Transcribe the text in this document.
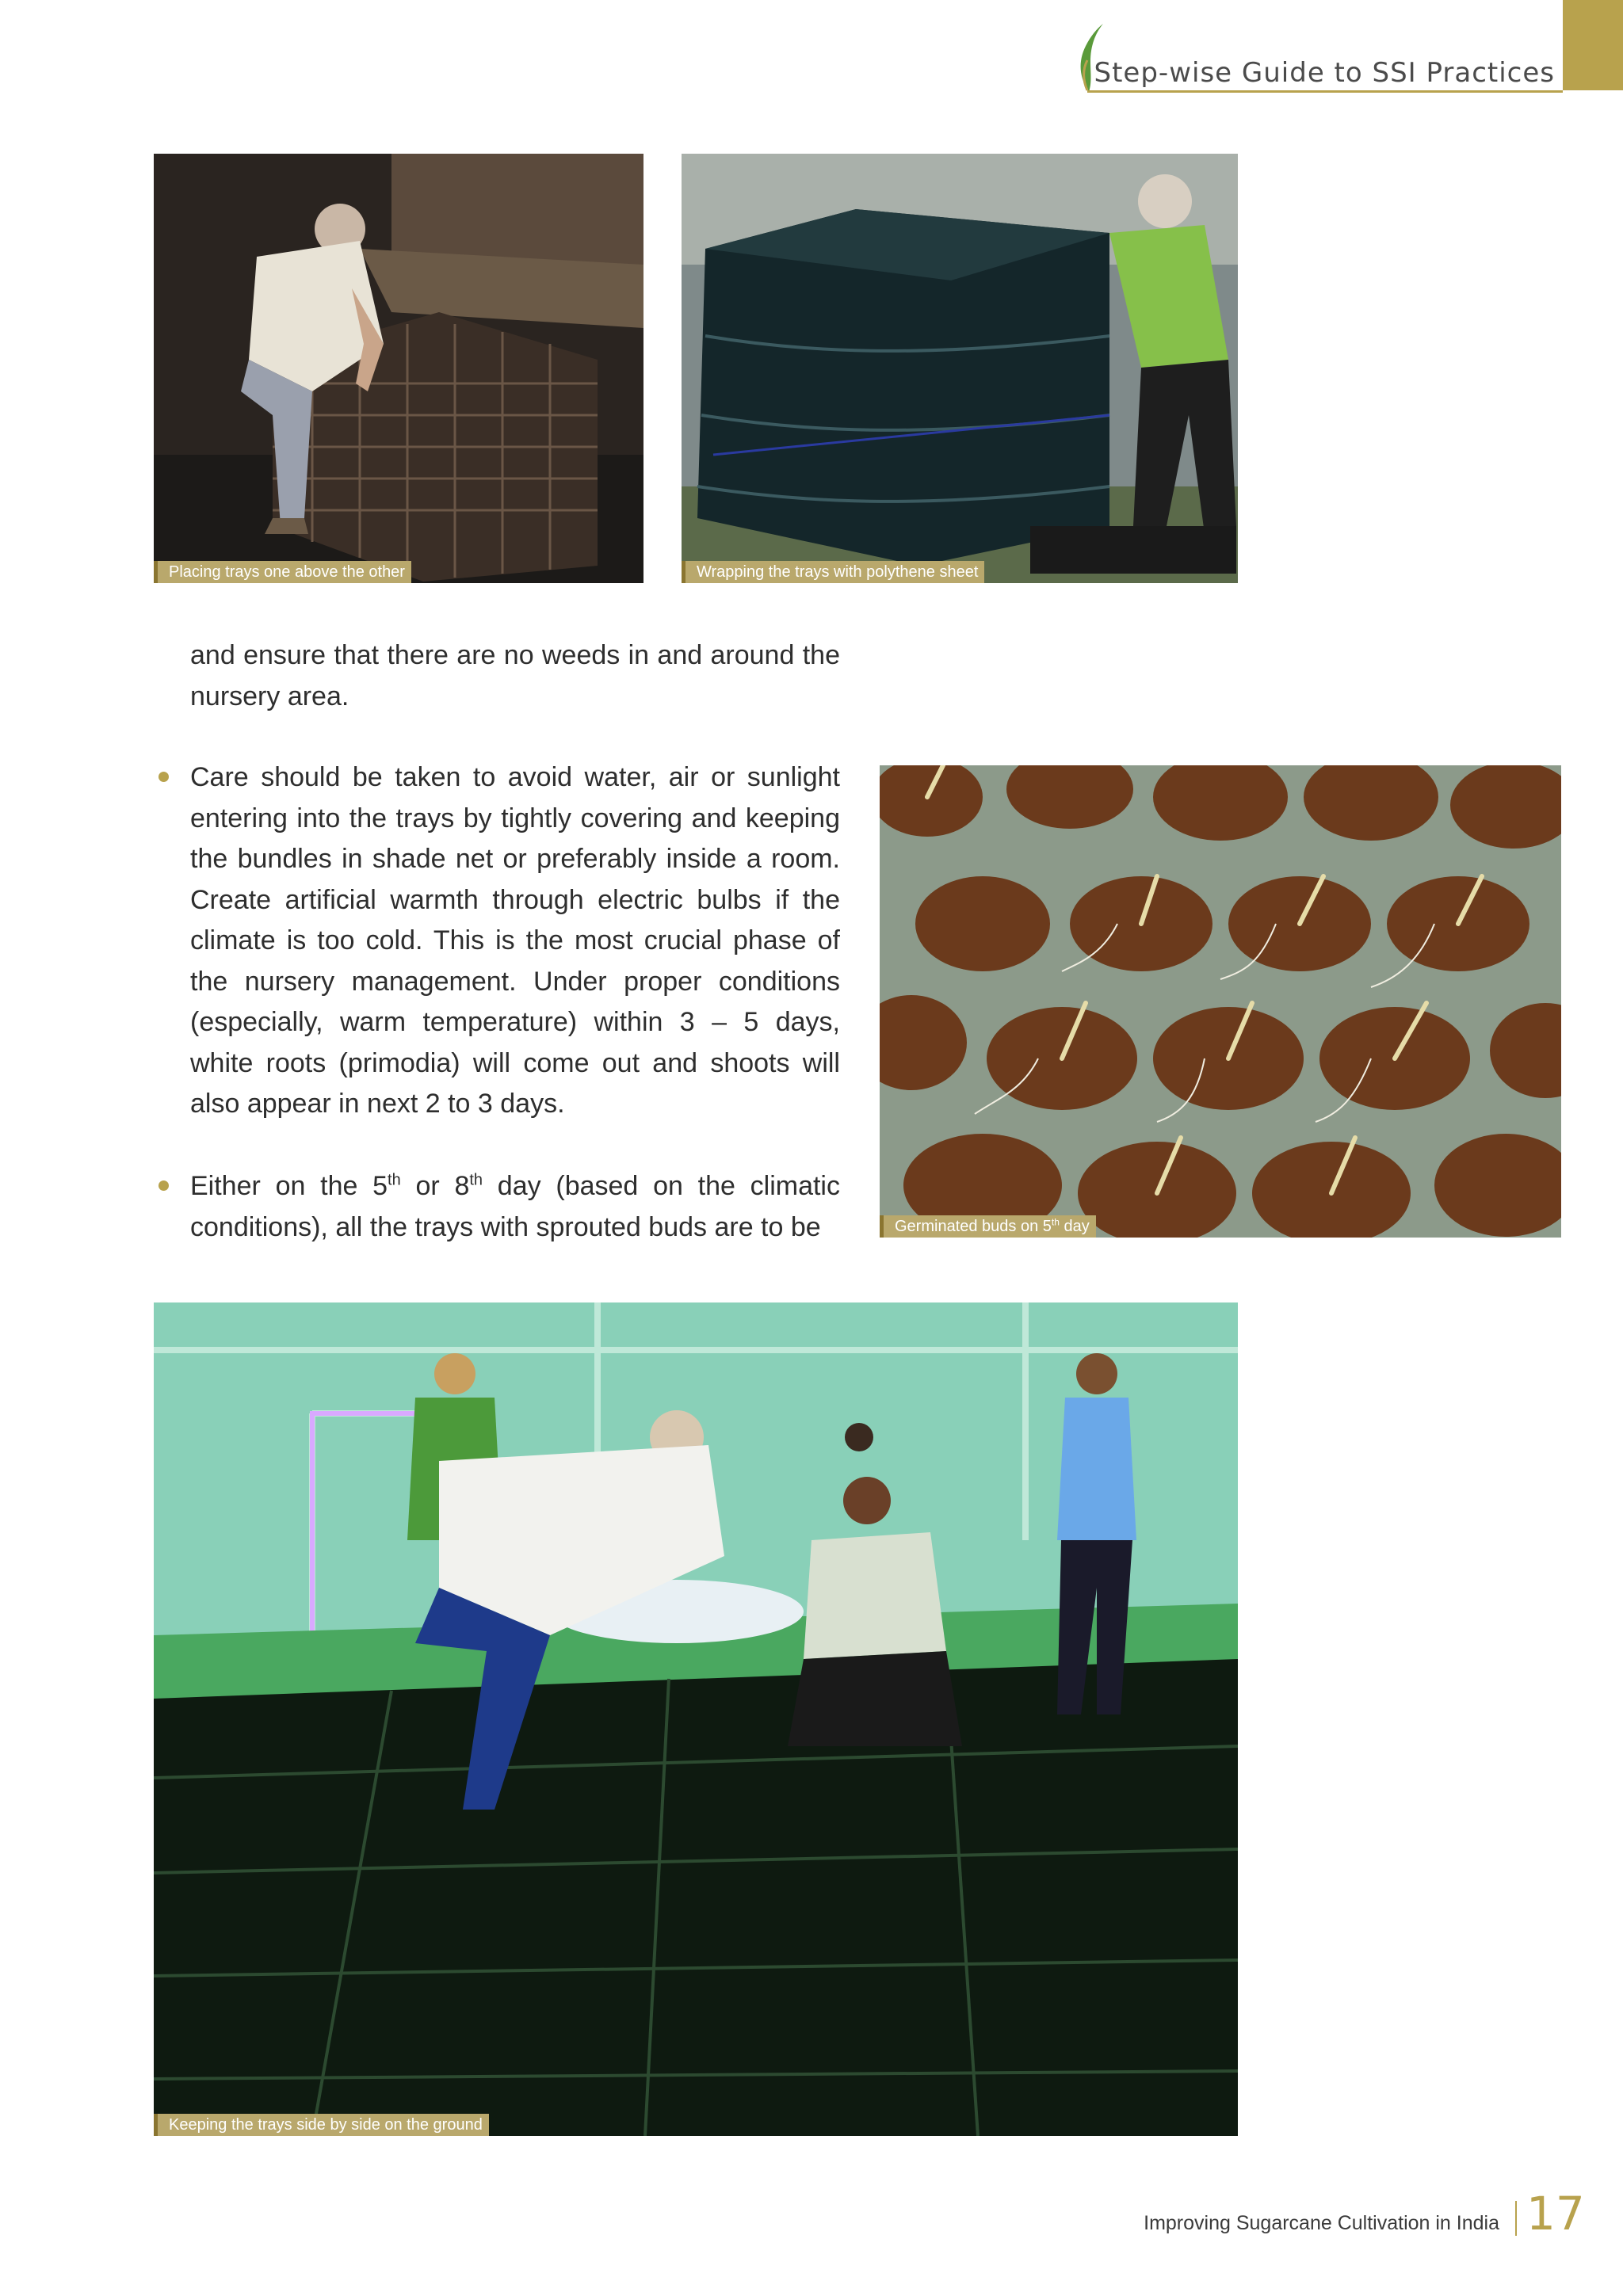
Step-wise Guide to SSI Practices
Placing trays one above the other	Wrapping the trays with polythene sheet
and ensure that there are no weeds in and around the nursery area.
Care should be taken to avoid water, air or sunlight entering into the trays by tightly covering and keeping the bundles in shade net or preferably inside a room. Create artificial warmth through electric bulbs if the climate is too cold. This is the most crucial phase of the nursery management. Under proper conditions (especially, warm temperature) within 3 – 5 days, white roots (primodia) will come out and shoots will also appear in next 2 to 3 days.
Either on the 5th or 8th day (based on the climatic conditions), all the trays with sprouted buds are to be	Germinated buds on 5th day
Keeping the trays side by side on the ground
Improving Sugarcane Cultivation in India 17
